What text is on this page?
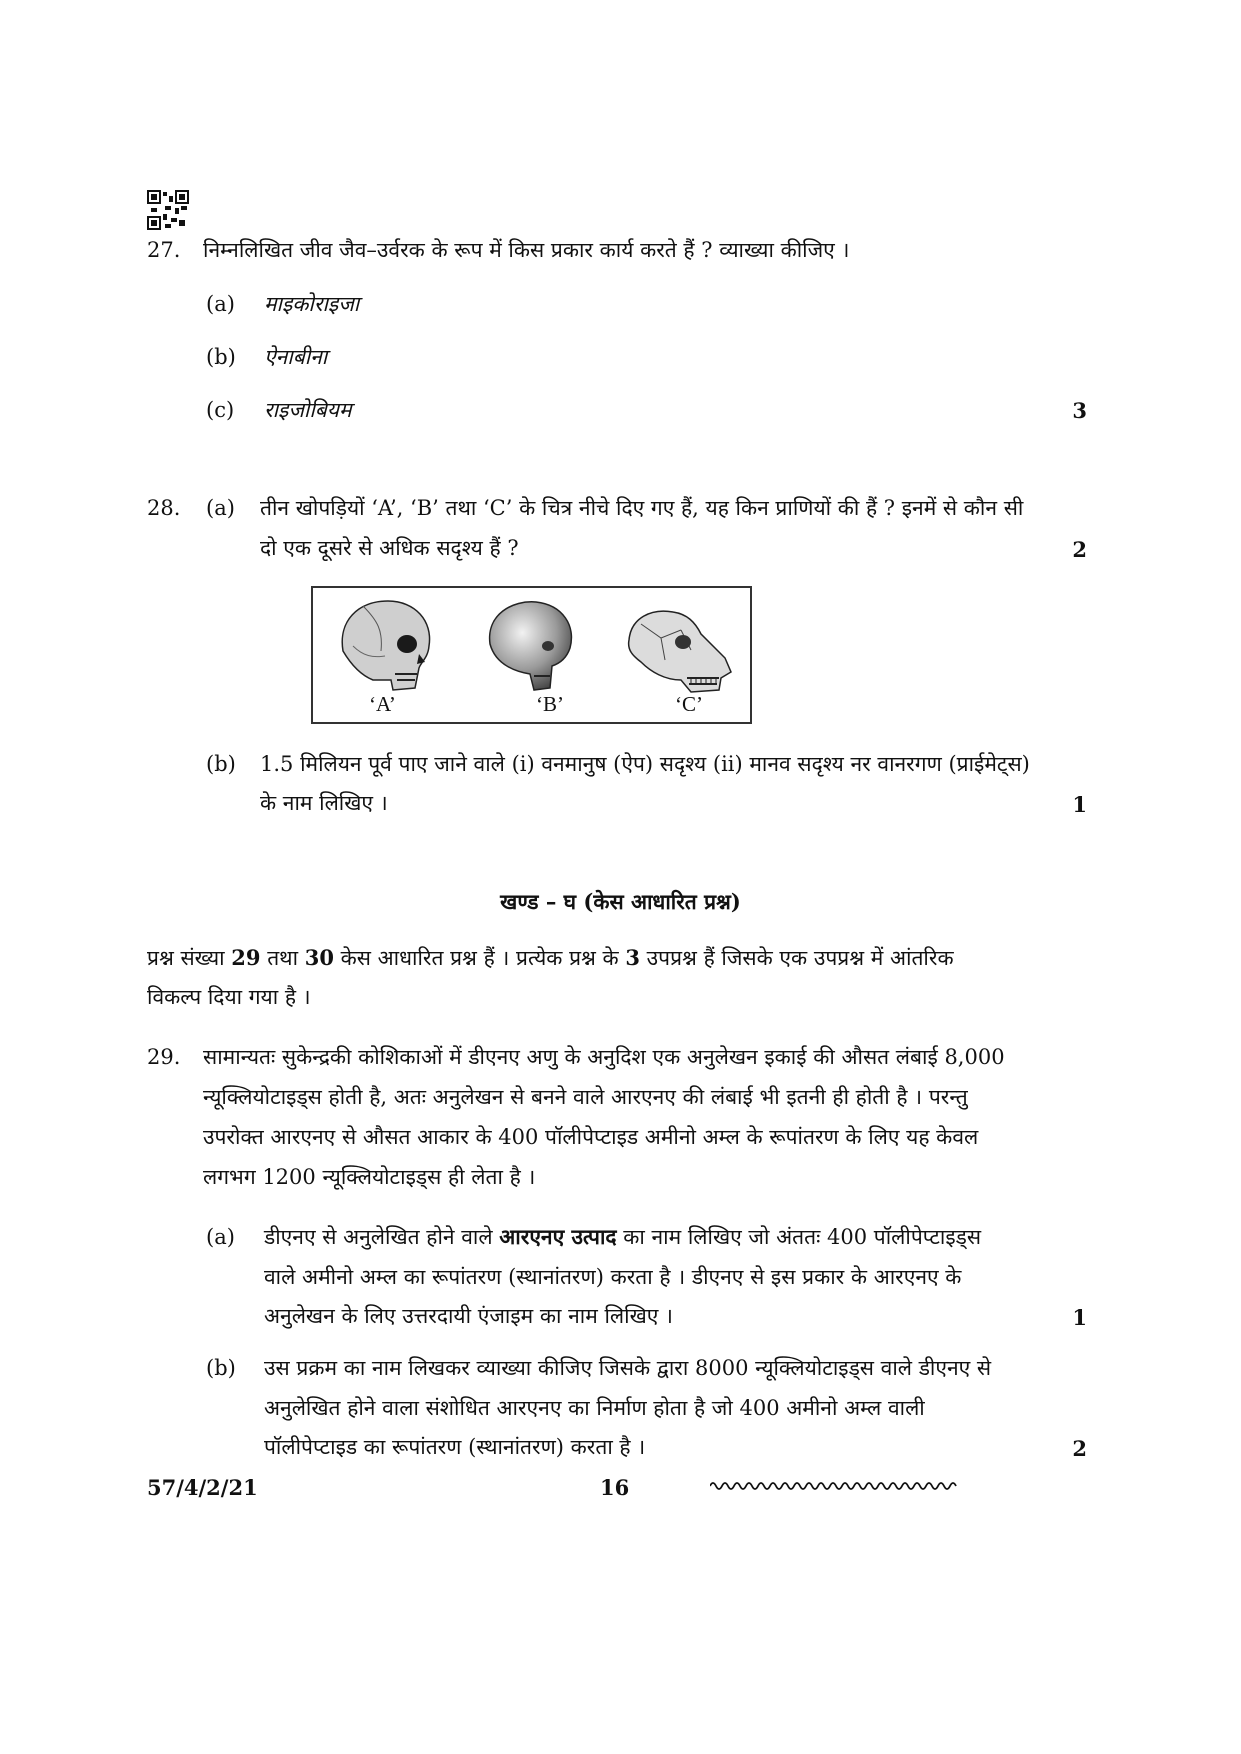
27. निम्नलिखित जीव जैव–उर्वरक के रूप में किस प्रकार कार्य करते हैं ? व्याख्या कीजिए ।
(a) माइकोराइजा
(b) ऐनाबीना
(c) राइजोबियम	3
28. (a) तीन खोपड़ियों ‘A’, ‘B’ तथा ‘C’ के चित्र नीचे दिए गए हैं, यह किन प्राणियों की हैं ? इनमें से कौन सी
दो एक दूसरे से अधिक सदृश्य हैं ?	2
‘A’	‘B’	‘C’
(b) 1.5 मिलियन पूर्व पाए जाने वाले (i) वनमानुष (ऐप) सदृश्य (ii) मानव सदृश्य नर वानरगण (प्राईमेट्स)
के नाम लिखिए ।	1
खण्ड – घ (केस आधारित प्रश्न)
प्रश्न संख्या 29 तथा 30 केस आधारित प्रश्न हैं । प्रत्येक प्रश्न के 3 उपप्रश्न हैं जिसके एक उपप्रश्न में आंतरिक
विकल्प दिया गया है ।
29. सामान्यतः सुकेन्द्रकी कोशिकाओं में डीएनए अणु के अनुदिश एक अनुलेखन इकाई की औसत लंबाई 8,000
न्यूक्लियोटाइड्स होती है, अतः अनुलेखन से बनने वाले आरएनए की लंबाई भी इतनी ही होती है । परन्तु
उपरोक्त आरएनए से औसत आकार के 400 पॉलीपेप्टाइड अमीनो अम्ल के रूपांतरण के लिए यह केवल
लगभग 1200 न्यूक्लियोटाइड्स ही लेता है ।
(a) डीएनए से अनुलेखित होने वाले आरएनए उत्पाद का नाम लिखिए जो अंततः 400 पॉलीपेप्टाइड्स
वाले अमीनो अम्ल का रूपांतरण (स्थानांतरण) करता है । डीएनए से इस प्रकार के आरएनए के
अनुलेखन के लिए उत्तरदायी एंजाइम का नाम लिखिए ।	1
(b) उस प्रक्रम का नाम लिखकर व्याख्या कीजिए जिसके द्वारा 8000 न्यूक्लियोटाइड्स वाले डीएनए से
अनुलेखित होने वाला संशोधित आरएनए का निर्माण होता है जो 400 अमीनो अम्ल वाली
पॉलीपेप्टाइड का रूपांतरण (स्थानांतरण) करता है ।	2
57/4/2/21	16
